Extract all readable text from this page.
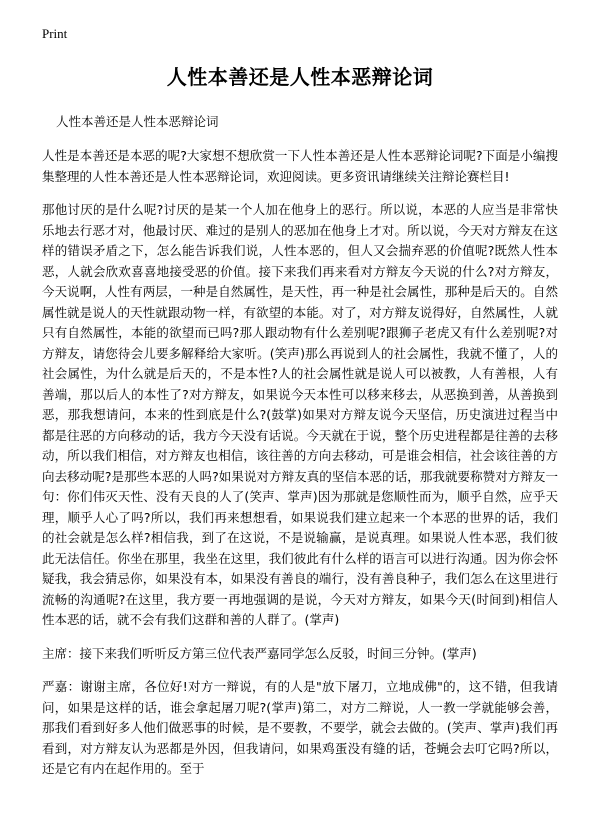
Print
人性本善还是人性本恶辩论词
人性本善还是人性本恶辩论词

人性是本善还是本恶的呢?大家想不想欣赏一下人性本善还是人性本恶辩论词呢?下面是小编搜集整理的人性本善还是人性本恶辩论词，欢迎阅读。更多资讯请继续关注辩论赛栏目!

那他讨厌的是什么呢?讨厌的是某一个人加在他身上的恶行。所以说，本恶的人应当是非常快乐地去行恶才对，他最讨厌、难过的是别人的恶加在他身上才对。所以说，今天对方辩友在这样的错误矛盾之下，怎么能告诉我们说，人性本恶的，但人又会揣弃恶的价值呢?既然人性本恶，人就会欣欢喜喜地接受恶的价值。接下来我们再来看对方辩友今天说的什么?对方辩友，今天说啊，人性有两层，一种是自然属性，是天性，再一种是社会属性，那种是后天的。自然属性就是说人的天性就跟动物一样，有欲望的本能。对了，对方辩友说得好，自然属性，人就只有自然属性，本能的欲望而已吗?那人跟动物有什么差别呢?跟狮子老虎又有什么差别呢?对方辩友，请您待会儿要多解释给大家听。(笑声)那么再说到人的社会属性，我就不懂了，人的社会属性，为什么就是后天的，不是本性?人的社会属性就是说人可以被教，人有善根，人有善端，那以后人的本性了?对方辩友，如果说今天本性可以移来移去，从恶换到善，从善换到恶，那我想请问，本来的性到底是什么?(鼓掌)如果对方辩友说今天坚信，历史演进过程当中都是往恶的方向移动的话，我方今天没有话说。今天就在于说，整个历史进程都是往善的去移动，所以我们相信，对方辩友也相信，该往善的方向去移动，可是谁会相信，社会该往善的方向去移动呢?是那些本恶的人吗?如果说对方辩友真的坚信本恶的话，那我就要称赞对方辩友一句：你们伟灭天性、没有天良的人了(笑声、掌声)因为那就是您顺性而为，顺乎自然，应乎天理，顺乎人心了吗?所以，我们再来想想看，如果说我们建立起来一个本恶的世界的话，我们的社会就是怎么样?相信我，到了在这说，不是说输赢，是说真理。如果说人性本恶，我们彼此无法信任。你坐在那里，我坐在这里，我们彼此有什么样的语言可以进行沟通。因为你会怀疑我，我会猜忌你，如果没有本，如果没有善良的端行，没有善良种子，我们怎么在这里进行流畅的沟通呢?在这里，我方要一再地强调的是说，今天对方辩友，如果今天(时间到)相信人性本恶的话，就不会有我们这群和善的人群了。(掌声)

主席：接下来我们听听反方第三位代表严嘉同学怎么反驳，时间三分钟。(掌声)

严嘉：谢谢主席，各位好!对方一辩说，有的人是"放下屠刀，立地成佛"的，这不错，但我请问，如果是这样的话，谁会拿起屠刀呢?(掌声)第二，对方二辩说，人一教一学就能够会善，那我们看到好多人他们做恶事的时候，是不要教，不要学，就会去做的。(笑声、掌声)我们再看到，对方辩友认为恶都是外因，但我请问，如果鸡蛋没有缝的话，苍蝇会去叮它吗?所以，还是它有内在起作用的。至于
